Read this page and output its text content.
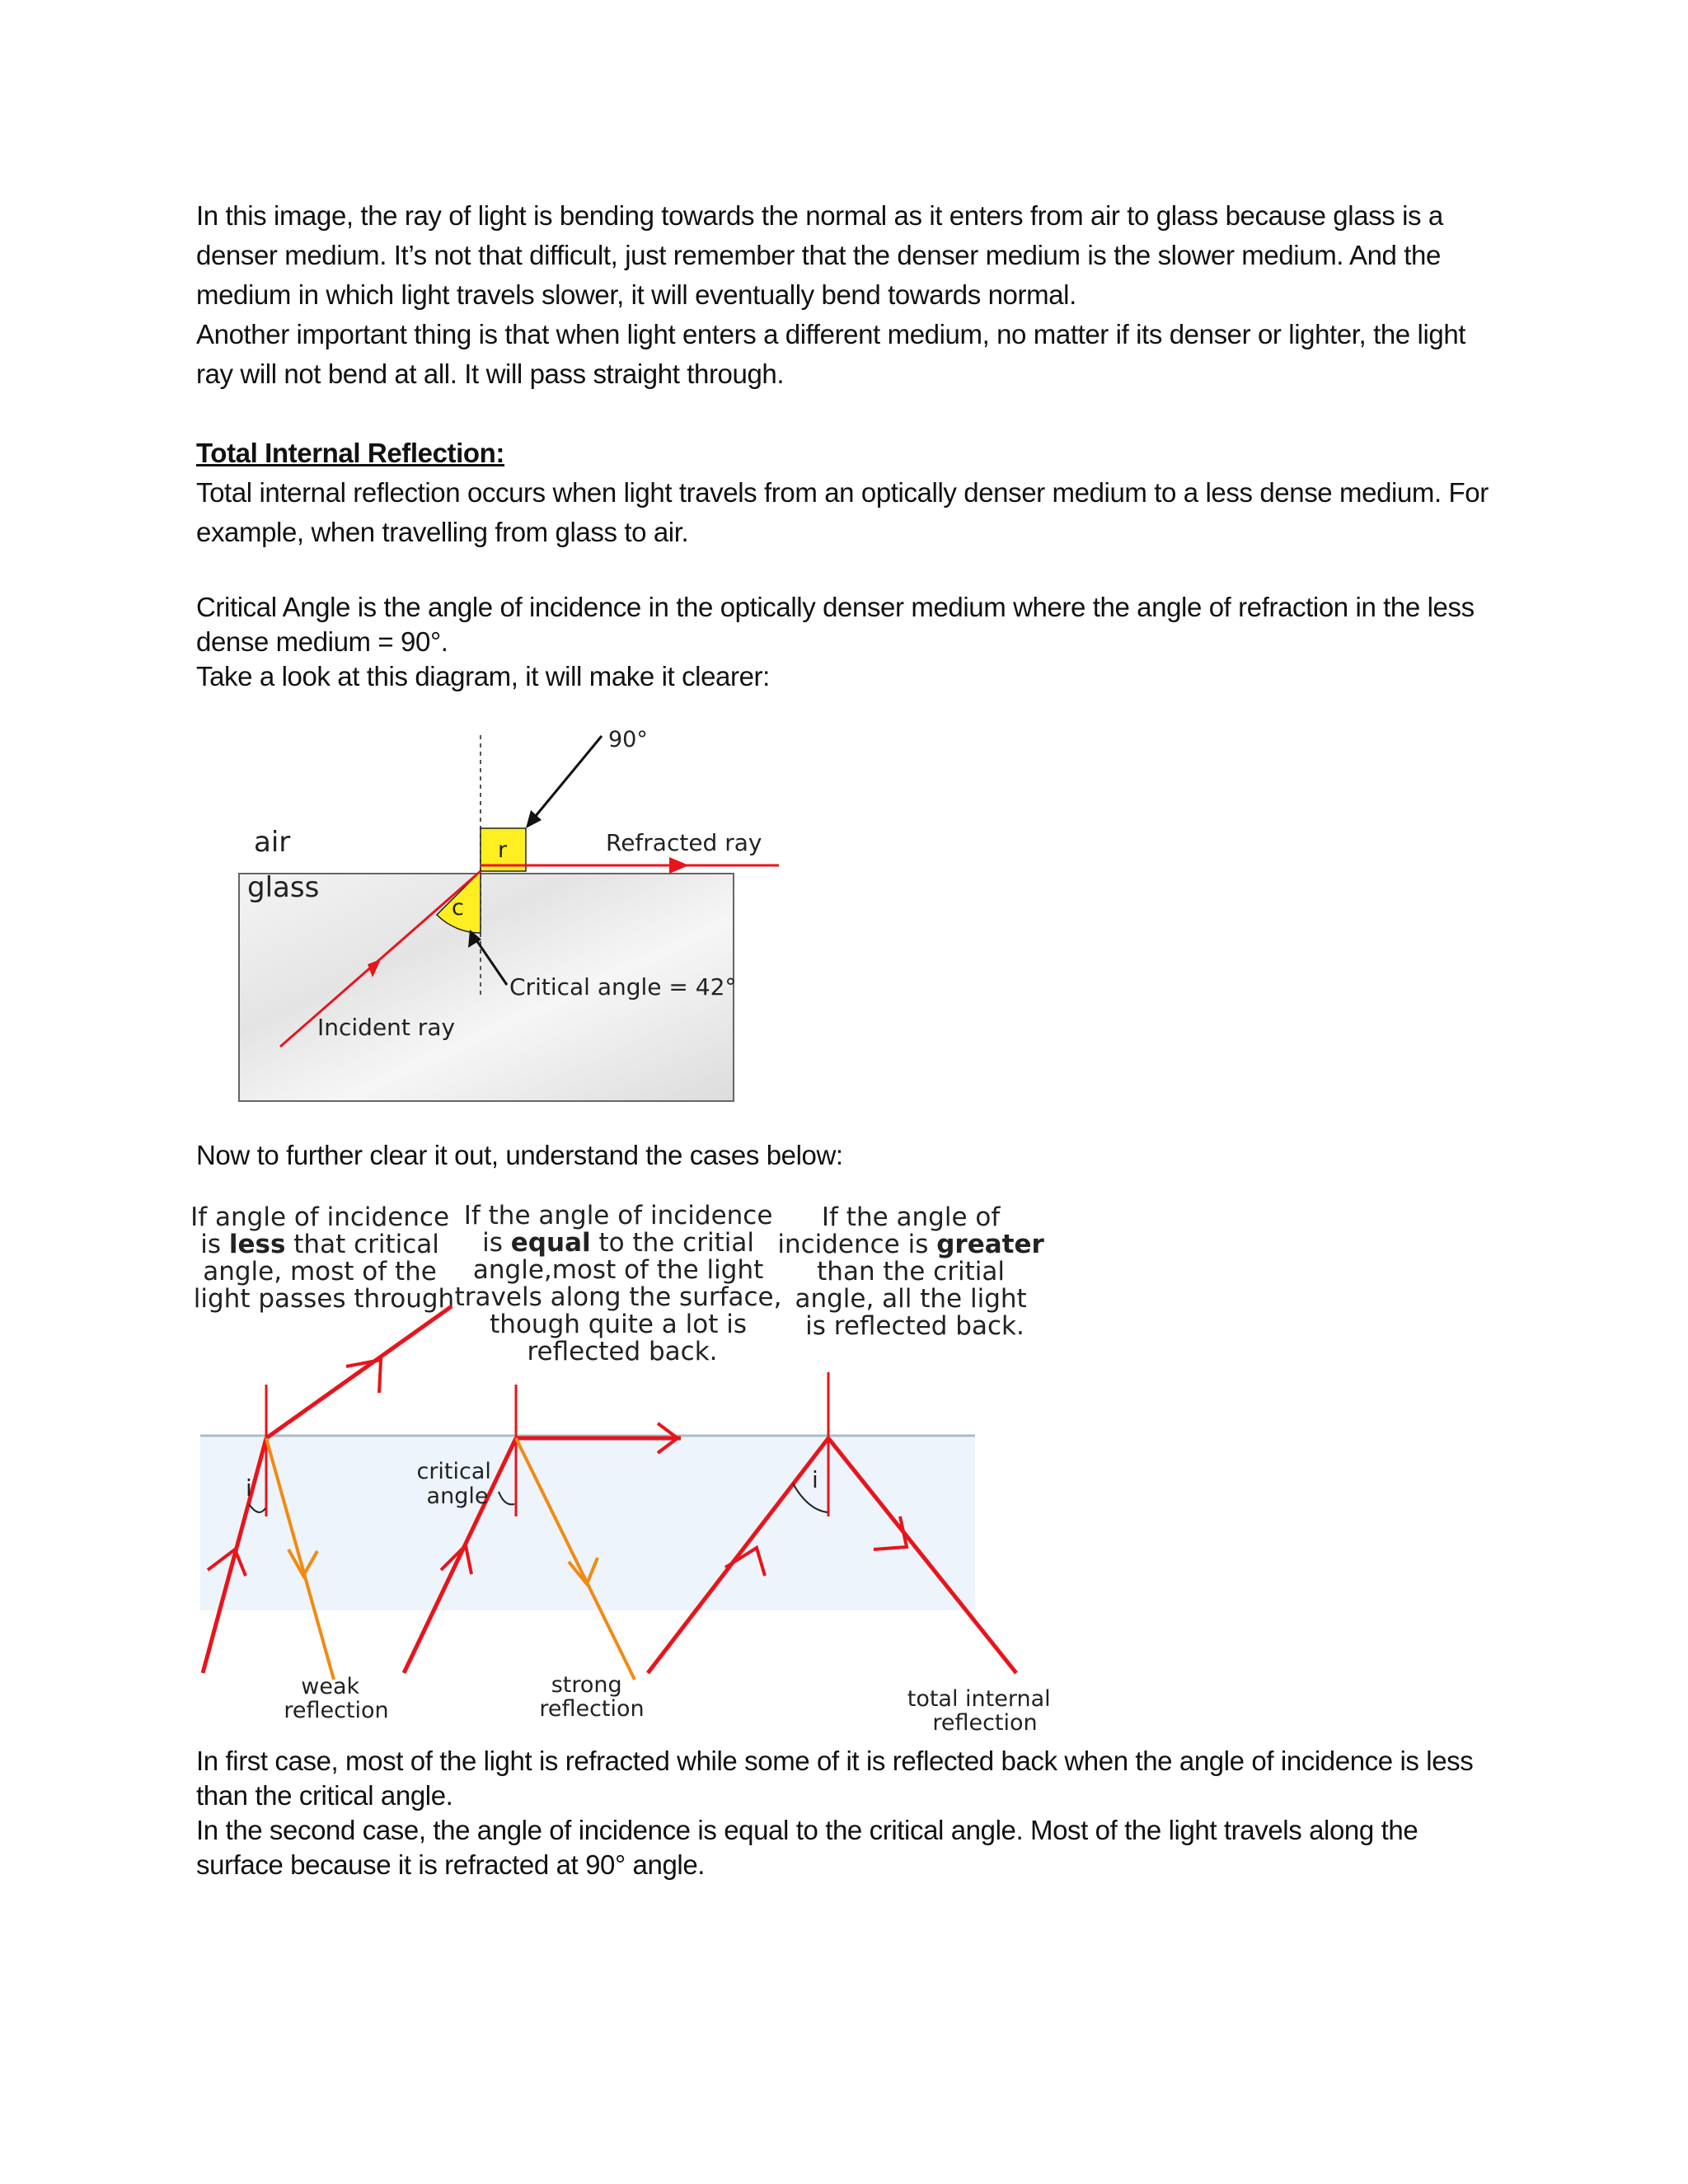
In this image, the ray of light is bending towards the normal as it enters from air to glass because glass is a denser medium. It’s not that difficult, just remember that the denser medium is the slower medium. And the medium in which light travels slower, it will eventually bend towards normal.

Another important thing is that when light enters a different medium, no matter if its denser or lighter, the light ray will not bend at all. It will pass straight through.

Total Internal Reflection:

Total internal reflection occurs when light travels from an optically denser medium to a less dense medium. For example, when travelling from glass to air.

Critical Angle is the angle of incidence in the optically denser medium where the angle of refraction in the less dense medium = 90°.

Take a look at this diagram, it will make it clearer:

90°
air
glass
r
c
Refracted ray
Critical angle = 42°
Incident ray

Now to further clear it out, understand the cases below:

If angle of incidence is less that critical angle, most of the light passes through
If the angle of incidence is equal to the critial angle,most of the light travels along the surface, though quite a lot is reflected back.
If the angle of incidence is greater than the critial angle, all the light is reflected back.
i
critical angle
i
weak reflection
strong reflection	total internal reflection

In first case, most of the light is refracted while some of it is reflected back when the angle of incidence is less than the critical angle.

In the second case, the angle of incidence is equal to the critical angle. Most of the light travels along the surface because it is refracted at 90° angle.
